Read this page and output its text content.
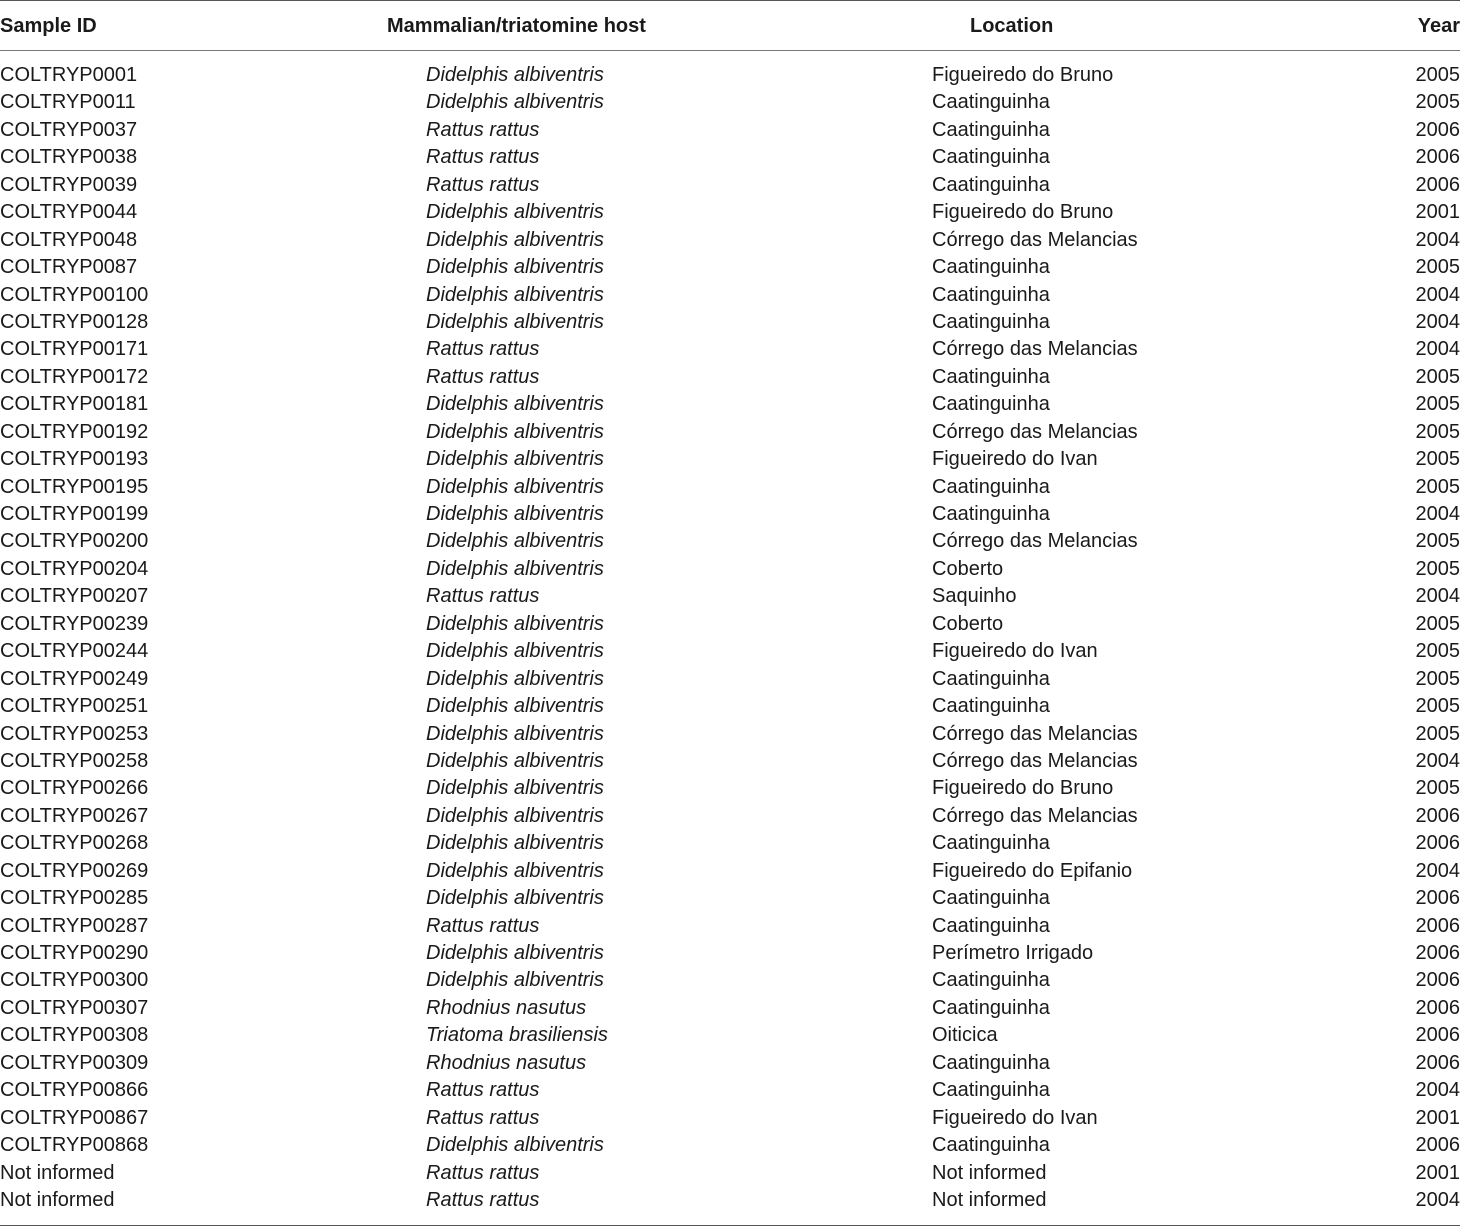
Sample ID	Mammalian/triatomine host	Location	Year
COLTRYP0001	Didelphis albiventris	Figueiredo do Bruno	2005
COLTRYP0011	Didelphis albiventris	Caatinguinha	2005
COLTRYP0037	Rattus rattus	Caatinguinha	2006
COLTRYP0038	Rattus rattus	Caatinguinha	2006
COLTRYP0039	Rattus rattus	Caatinguinha	2006
COLTRYP0044	Didelphis albiventris	Figueiredo do Bruno	2001
COLTRYP0048	Didelphis albiventris	Córrego das Melancias	2004
COLTRYP0087	Didelphis albiventris	Caatinguinha	2005
COLTRYP00100	Didelphis albiventris	Caatinguinha	2004
COLTRYP00128	Didelphis albiventris	Caatinguinha	2004
COLTRYP00171	Rattus rattus	Córrego das Melancias	2004
COLTRYP00172	Rattus rattus	Caatinguinha	2005
COLTRYP00181	Didelphis albiventris	Caatinguinha	2005
COLTRYP00192	Didelphis albiventris	Córrego das Melancias	2005
COLTRYP00193	Didelphis albiventris	Figueiredo do Ivan	2005
COLTRYP00195	Didelphis albiventris	Caatinguinha	2005
COLTRYP00199	Didelphis albiventris	Caatinguinha	2004
COLTRYP00200	Didelphis albiventris	Córrego das Melancias	2005
COLTRYP00204	Didelphis albiventris	Coberto	2005
COLTRYP00207	Rattus rattus	Saquinho	2004
COLTRYP00239	Didelphis albiventris	Coberto	2005
COLTRYP00244	Didelphis albiventris	Figueiredo do Ivan	2005
COLTRYP00249	Didelphis albiventris	Caatinguinha	2005
COLTRYP00251	Didelphis albiventris	Caatinguinha	2005
COLTRYP00253	Didelphis albiventris	Córrego das Melancias	2005
COLTRYP00258	Didelphis albiventris	Córrego das Melancias	2004
COLTRYP00266	Didelphis albiventris	Figueiredo do Bruno	2005
COLTRYP00267	Didelphis albiventris	Córrego das Melancias	2006
COLTRYP00268	Didelphis albiventris	Caatinguinha	2006
COLTRYP00269	Didelphis albiventris	Figueiredo do Epifanio	2004
COLTRYP00285	Didelphis albiventris	Caatinguinha	2006
COLTRYP00287	Rattus rattus	Caatinguinha	2006
COLTRYP00290	Didelphis albiventris	Perímetro Irrigado	2006
COLTRYP00300	Didelphis albiventris	Caatinguinha	2006
COLTRYP00307	Rhodnius nasutus	Caatinguinha	2006
COLTRYP00308	Triatoma brasiliensis	Oiticica	2006
COLTRYP00309	Rhodnius nasutus	Caatinguinha	2006
COLTRYP00866	Rattus rattus	Caatinguinha	2004
COLTRYP00867	Rattus rattus	Figueiredo do Ivan	2001
COLTRYP00868	Didelphis albiventris	Caatinguinha	2006
Not informed	Rattus rattus	Not informed	2001
Not informed	Rattus rattus	Not informed	2004
